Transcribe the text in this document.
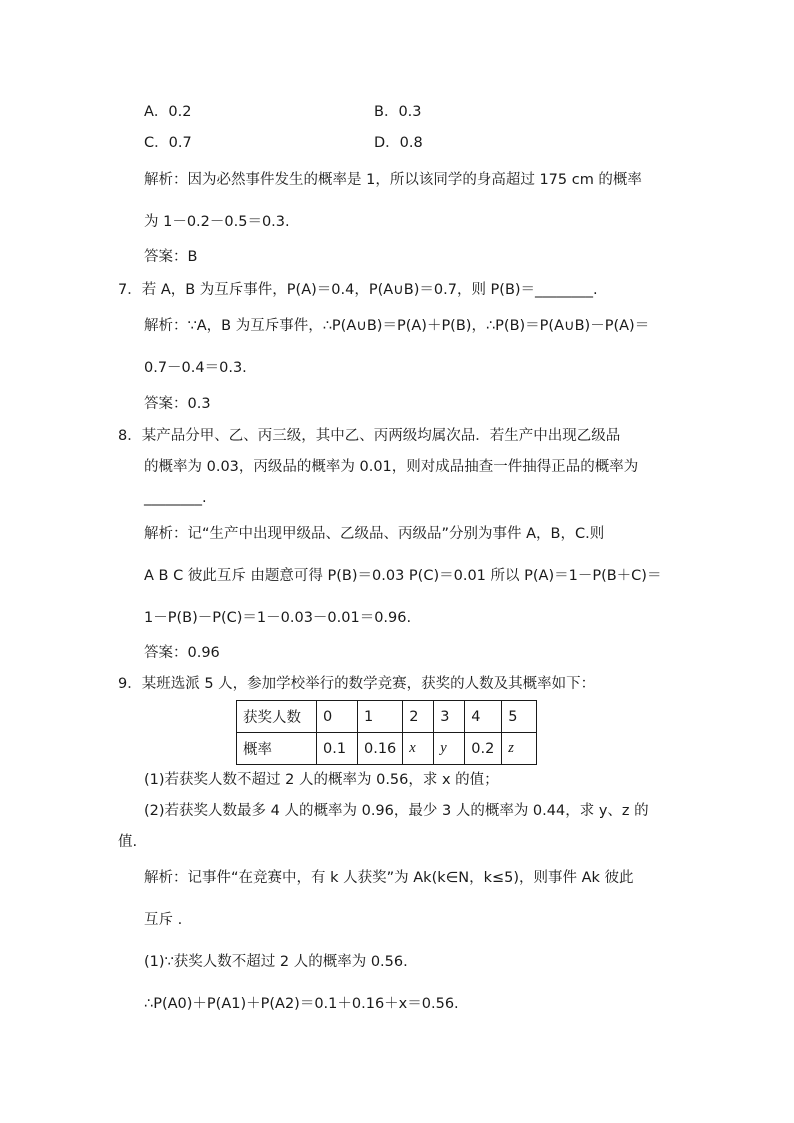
A．0.2	B．0.3
C．0.7	D．0.8
解析：因为必然事件发生的概率是 1，所以该同学的身高超过 175 cm 的概率
为 1－0.2－0.5＝0.3.
答案：B
7．若 A，B 为互斥事件，P(A)＝0.4，P(A∪B)＝0.7，则 P(B)＝________.
解析：∵A，B 为互斥事件，∴P(A∪B)＝P(A)＋P(B)，∴P(B)＝P(A∪B)－P(A)＝
0.7－0.4＝0.3.
答案：0.3
8．某产品分甲、乙、丙三级，其中乙、丙两级均属次品．若生产中出现乙级品
的概率为 0.03，丙级品的概率为 0.01，则对成品抽查一件抽得正品的概率为
________.
解析：记“生产中出现甲级品、乙级品、丙级品”分别为事件 A，B，C.则
A B C 彼此互斥 由题意可得 P(B)＝0.03 P(C)＝0.01 所以 P(A)＝1－P(B＋C)＝
1－P(B)－P(C)＝1－0.03－0.01＝0.96.
答案：0.96
9．某班选派 5 人，参加学校举行的数学竞赛，获奖的人数及其概率如下：
获奖人数	0	1	2	3	4	5
概率	0.1	0.16	x	y	0.2	z
(1)若获奖人数不超过 2 人的概率为 0.56，求 x 的值；
(2)若获奖人数最多 4 人的概率为 0.96，最少 3 人的概率为 0.44，求 y、z 的
值.
解析：记事件“在竞赛中，有 k 人获奖”为 Ak(k∈N，k≤5)，则事件 Ak 彼此
互斥 .
(1)∵获奖人数不超过 2 人的概率为 0.56.
∴P(A0)＋P(A1)＋P(A2)＝0.1＋0.16＋x＝0.56.
